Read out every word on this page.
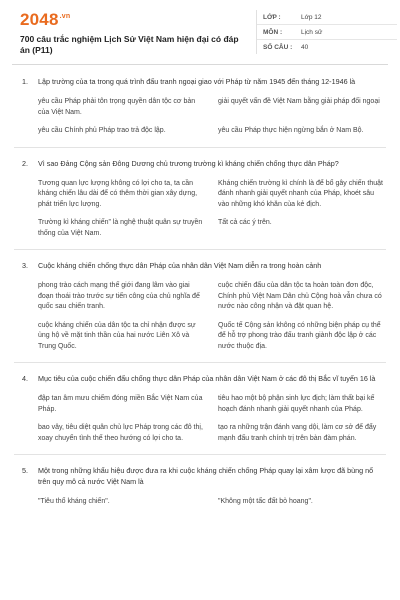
$2048^{.vn}$
700 câu trắc nghiệm Lịch Sử Việt Nam hiện đại có đáp án (P11)
LỚP :	Lớp 12
MÔN :	Lịch sử
SỐ CÂU :	40
1.	Lập trường của ta trong quá trình đấu tranh ngoại giao với Pháp từ năm 1945 đến tháng 12-1946 là
yêu cầu Pháp phải tôn trọng quyền dân tộc cơ bản của Việt Nam.
giải quyết vấn đề Việt Nam bằng giải pháp đối ngoại
yêu cầu Chính phủ Pháp trao trả độc lập.	yêu cầu Pháp thực hiện ngừng bắn ở Nam Bộ.
2.	Vì sao Đảng Cộng sản Đông Dương chủ trương trường kì kháng chiến chống thực dân Pháp?
Tương quan lực lượng không có lợi cho ta, ta cần kháng chiến lâu dài để có thêm thời gian xây dựng, phát triển lực lượng.
Kháng chiến trường kì chính là để bổ gây chiến thuật đánh nhanh giải quyết nhanh của Pháp, khoét sâu vào những khó khăn của kẻ địch.
Trường kì kháng chiến” là nghệ thuật quân sự truyền thống của Việt Nam.
Tất cả các ý trên.
3.	Cuộc kháng chiến chống thực dân Pháp của nhân dân Việt Nam diễn ra trong hoàn cảnh
phong trào cách mạng thế giới đang lâm vào giai đoạn thoái trào trước sự tiến công của chủ nghĩa đế quốc sau chiến tranh.
cuộc chiến đấu của dân tộc ta hoàn toàn đơn độc, Chính phủ Việt Nam Dân chủ Cộng hoà vẫn chưa có nước nào công nhận và đặt quan hệ.
cuộc kháng chiến của dân tộc ta chỉ nhận được sự ủng hộ về mặt tinh thần của hai nước Liên Xô và Trung Quốc.
Quốc tế Cộng sản không có những biện pháp cụ thể để hỗ trợ phong trào đấu tranh giành độc lập ở các nước thuộc địa.
4.	Mục tiêu của cuộc chiến đấu chống thực dân Pháp của nhân dân Việt Nam ở các đô thị Bắc vĩ tuyến 16 là
đập tan âm mưu chiếm đóng miền Bắc Việt Nam của Pháp.
tiêu hao một bộ phận sinh lực địch; làm thất bại kế hoạch đánh nhanh giải quyết nhanh của Pháp.
bao vây, tiêu diệt quân chủ lực Pháp trong các đô thị, xoay chuyển tình thế theo hướng có lợi cho ta.
tạo ra những trận đánh vang dội, làm cơ sở để đẩy mạnh đấu tranh chính trị trên bàn đàm phán.
5.	Một trong những khẩu hiệu được đưa ra khi cuộc kháng chiến chống Pháp quay lại xâm lược đã bùng nổ trên quy mô cả nước Việt Nam là
"Tiêu thổ kháng chiến".	"Không một tấc đất bỏ hoang".
